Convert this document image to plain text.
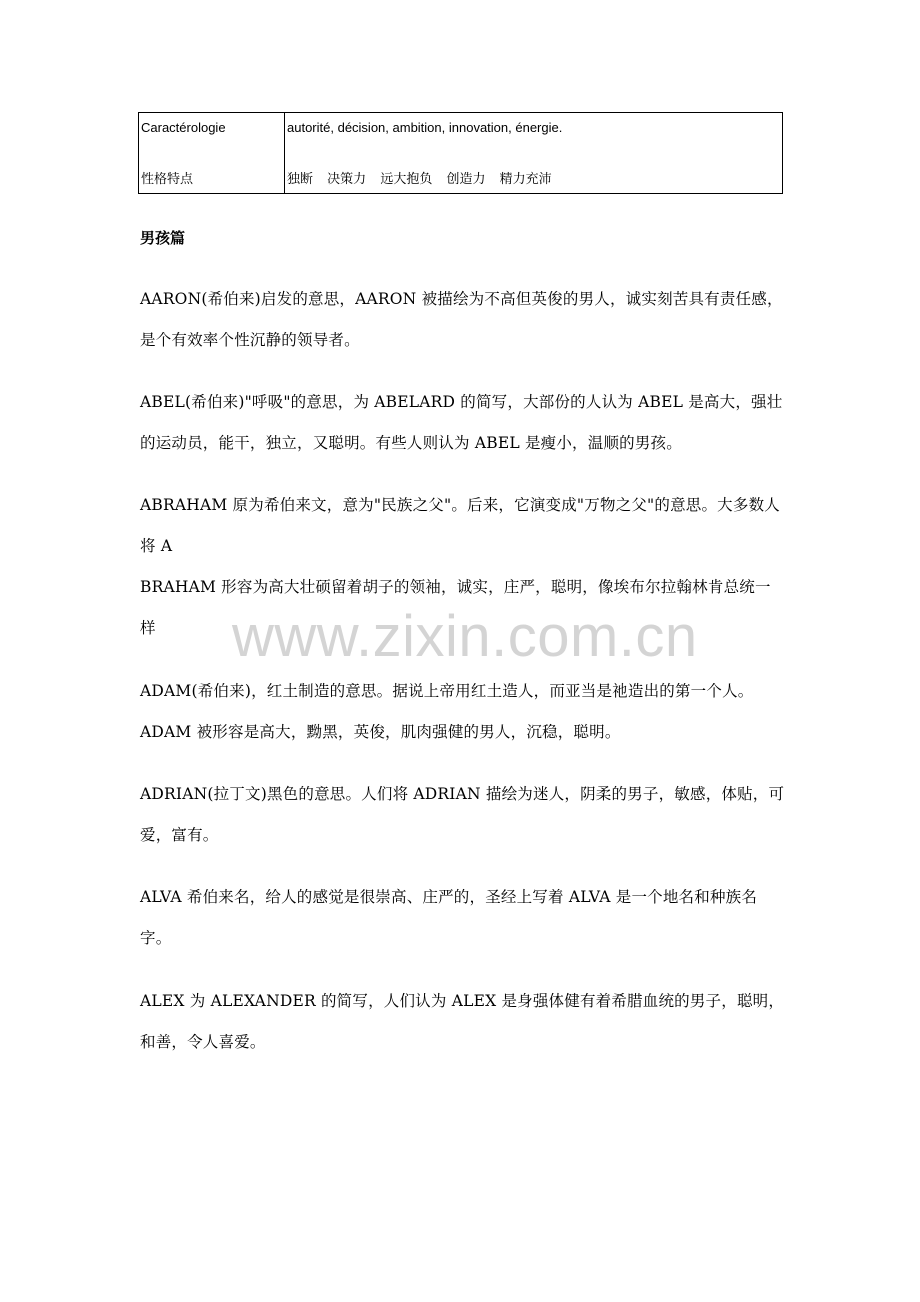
Caractérologie	autorité, décision, ambition, innovation, énergie.
性格特点	独断 决策力 远大抱负 创造力 精力充沛
男孩篇
AARON(希伯来)启发的意思，AARON 被描绘为不高但英俊的男人，诚实刻苦具有责任感，是个有效率个性沉静的领导者。
ABEL(希伯来)"呼吸"的意思，为 ABELARD 的简写，大部份的人认为 ABEL 是高大，强壮的运动员，能干，独立，又聪明。有些人则认为 ABEL 是瘦小，温顺的男孩。
ABRAHAM 原为希伯来文，意为"民族之父"。后来，它演变成"万物之父"的意思。大多数人将 A
BRAHAM 形容为高大壮硕留着胡子的领袖，诚实，庄严，聪明，像埃布尔拉翰林肯总统一样
ADAM(希伯来)，红土制造的意思。据说上帝用红土造人，而亚当是祂造出的第一个人。ADAM 被形容是高大，黝黑，英俊，肌肉强健的男人，沉稳，聪明。
ADRIAN(拉丁文)黑色的意思。人们将 ADRIAN 描绘为迷人，阴柔的男子，敏感，体贴，可爱，富有。
ALVA 希伯来名，给人的感觉是很崇高、庄严的，圣经上写着 ALVA 是一个地名和种族名字。
ALEX 为 ALEXANDER 的简写，人们认为 ALEX 是身强体健有着希腊血统的男子，聪明，和善，令人喜爱。
www.zixin.com.cn
